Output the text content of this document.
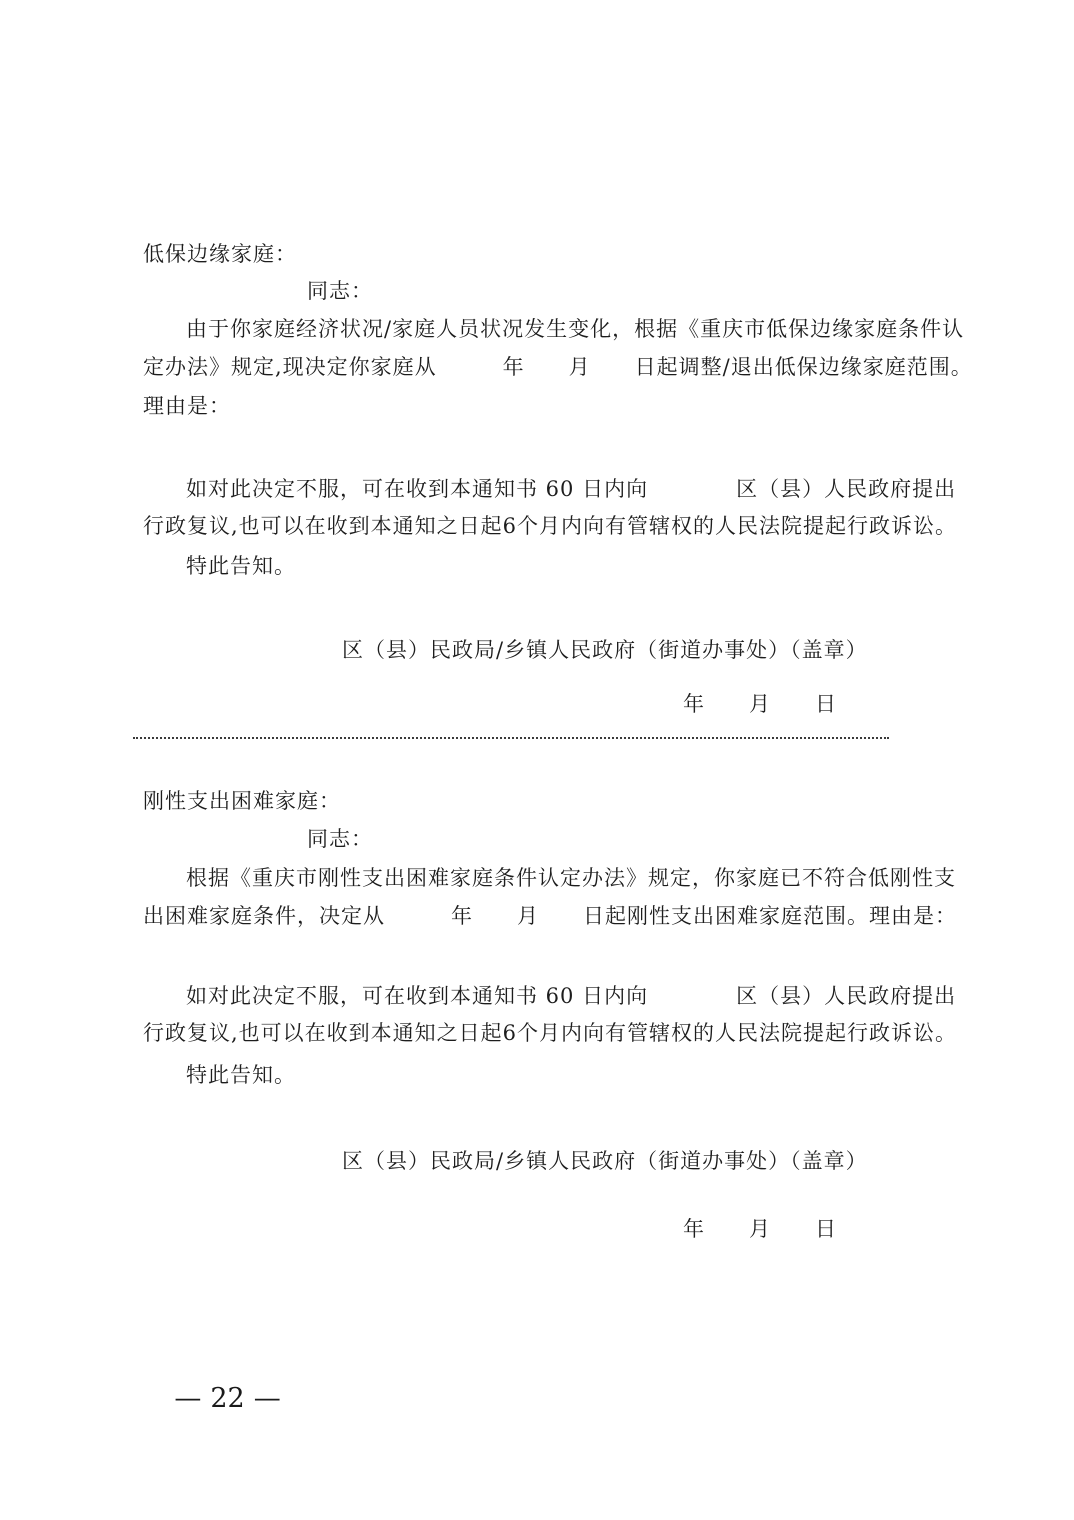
低保边缘家庭：
同志：
由于你家庭经济状况/家庭人员状况发生变化，根据《重庆市低保边缘家庭条件认
定办法》规定,现决定你家庭从　　　年　　月　　日起调整/退出低保边缘家庭范围。
理由是：
如对此决定不服，可在收到本通知书 60 日内向　　　　区（县）人民政府提出
行政复议,也可以在收到本通知之日起6个月内向有管辖权的人民法院提起行政诉讼。
特此告知。
区（县）民政局/乡镇人民政府（街道办事处）（盖章）
年　　月　　日
刚性支出困难家庭：
同志：
根据《重庆市刚性支出困难家庭条件认定办法》规定，你家庭已不符合低刚性支
出困难家庭条件，决定从　　　年　　月　　日起刚性支出困难家庭范围。理由是：
如对此决定不服，可在收到本通知书 60 日内向　　　　区（县）人民政府提出
行政复议,也可以在收到本通知之日起6个月内向有管辖权的人民法院提起行政诉讼。
特此告知。
区（县）民政局/乡镇人民政府（街道办事处）（盖章）
年　　月　　日

— 22 —
